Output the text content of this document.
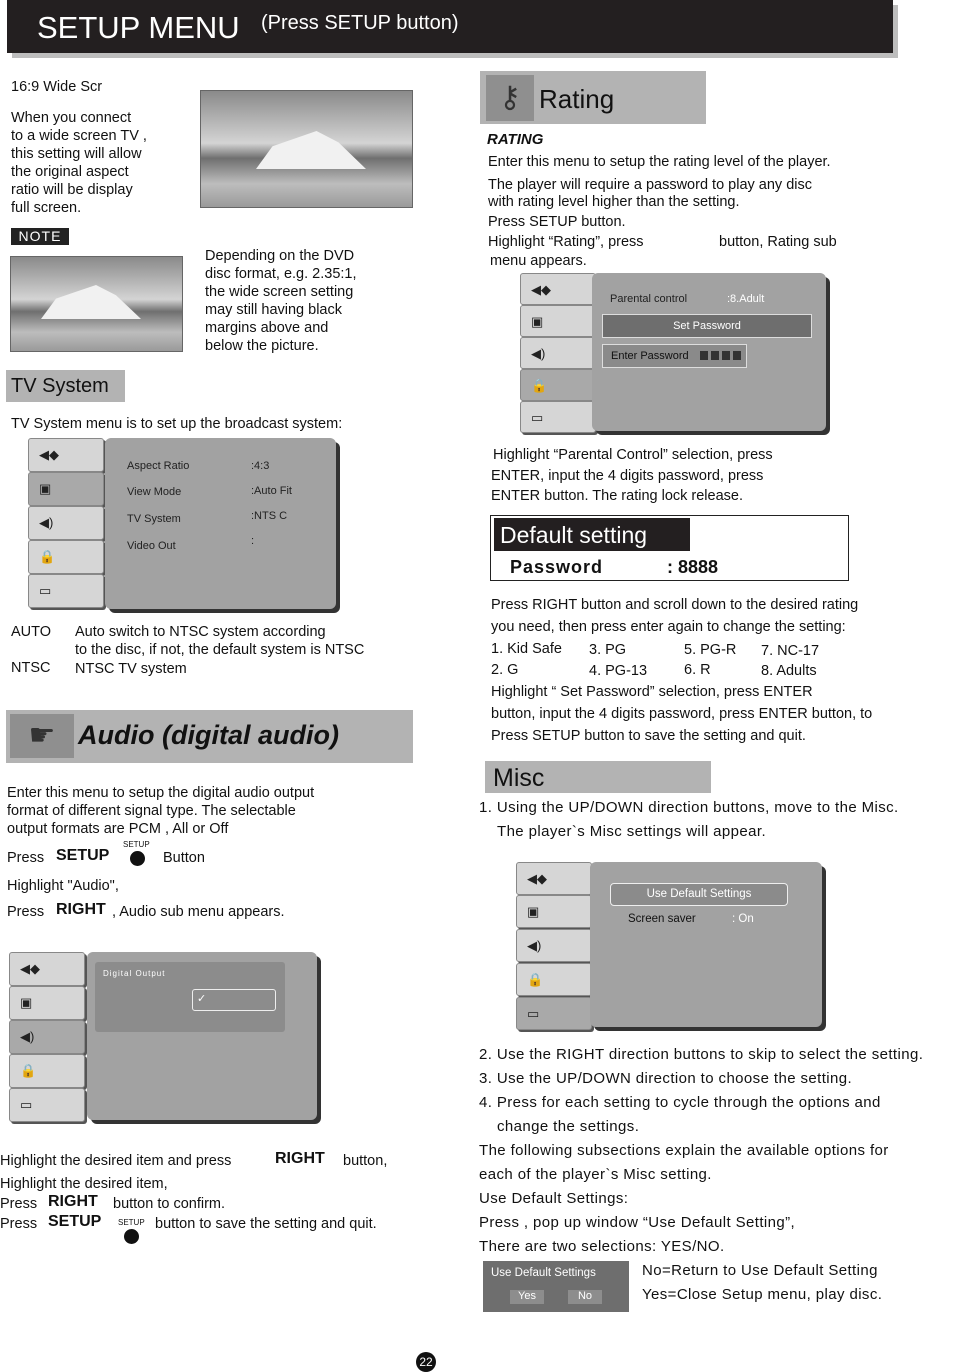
SETUP MENU (Press SETUP button)
16:9 Wide Scr
When you connect
to a wide screen TV ,
this setting will allow
the original aspect
ratio will be display
full screen.
NOTE
Depending on the DVD
disc format, e.g. 2.35:1,
the wide screen setting
may still having black
margins above and
below the picture.
TV System
TV System menu is to set up the broadcast system:
◀◆
▣
◀)
🔒
▭
Aspect Ratio	:4:3
View Mode	:Auto Fit
TV System	:NTS C
Video Out	:
AUTO Auto switch to NTSC system according
to the disc, if not, the default system is NTSC
NTSC NTSC TV system
☛ Audio (digital audio)
Enter this menu to setup the digital audio output
format of different signal type. The selectable
output formats are PCM , All or Off
Press SETUP
SETUP
Button
Highlight "Audio",
Press RIGHT , Audio sub menu appears.
◀◆
▣
◀)
🔒
▭
Digital Output
✓
Highlight the desired item and press	RIGHT button,
Highlight the desired item,
Press RIGHT button to confirm.
Press SETUP SETUP button to save the setting and quit.
⚷ Rating
RATING
Enter this menu to setup the rating level of the player.
The player will require a password to play any disc
with rating level higher than the setting.
Press SETUP button.
Highlight “Rating”, press	button, Rating sub
menu appears.
◀◆
▣
◀)
🔒
▭
Parental control	:8.Adult
Set Password
Enter Password
Highlight “Parental Control” selection, press
ENTER, input the 4 digits password, press
ENTER button. The rating lock release.
Default setting
Password	: 8888
Press RIGHT button and scroll down to the desired rating
you need, then press enter again to change the setting:
1. Kid Safe
2. G
3. PG
4. PG-13
5. PG-R
6. R
7. NC-17
8. Adults
Highlight “ Set Password” selection, press ENTER
button, input the 4 digits password, press ENTER button, to
Press SETUP button to save the setting and quit.
Misc
1. Using the UP/DOWN direction buttons, move to the Misc.
The player`s Misc settings will appear.
◀◆
▣
◀)
🔒
▭
Use Default Settings
Screen saver	: On
2. Use the RIGHT direction buttons to skip to select the setting.
3. Use the UP/DOWN direction to choose the setting.
4. Press for each setting to cycle through the options and
change the settings.
The following subsections explain the available options for
each of the player`s Misc setting.
Use Default Settings:
Press , pop up window “Use Default Setting”,
There are two selections: YES/NO.
Use Default Settings
Yes	No
No=Return to Use Default Setting
Yes=Close Setup menu, play disc.
22
